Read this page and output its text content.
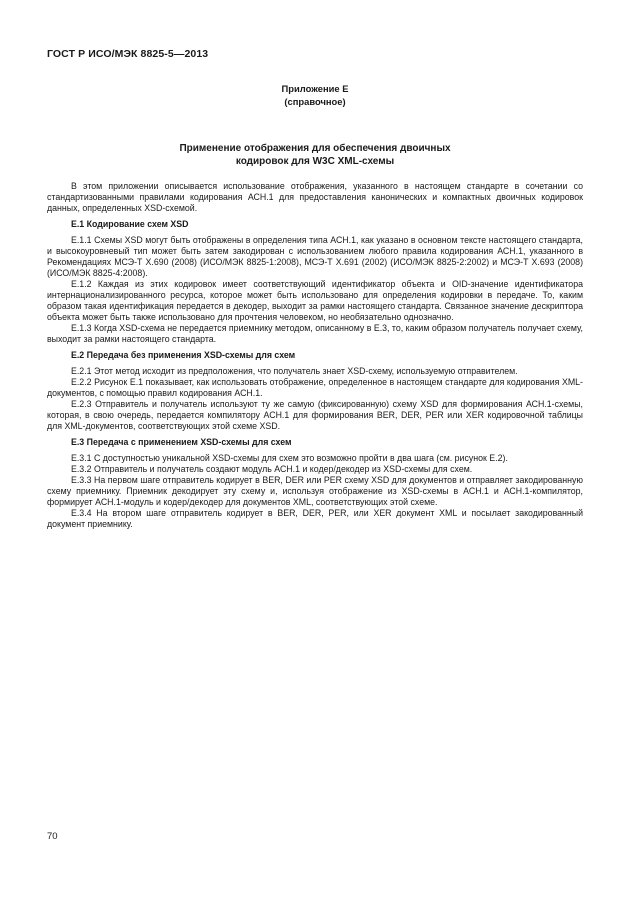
ГОСТ Р ИСО/МЭК 8825-5—2013
Приложение Е
(справочное)
Применение отображения для обеспечения двоичных
кодировок для W3C XML-схемы

В этом приложении описывается использование отображения, указанного в настоящем стандарте в сочетании со стандартизованными правилами кодирования АСН.1 для предоставления канонических и компактных двоичных кодировок данных, определенных XSD-схемой.

Е.1 Кодирование схем XSD

Е.1.1 Схемы XSD могут быть отображены в определения типа АСН.1, как указано в основном тексте настоящего стандарта, и высокоуровневый тип может быть затем закодирован с использованием любого правила кодирования АСН.1, указанного в Рекомендациях МСЭ-Т X.690 (2008) (ИСО/МЭК 8825-1:2008), МСЭ-Т X.691 (2002) (ИСО/МЭК 8825-2:2002) и МСЭ-Т X.693 (2008) (ИСО/МЭК 8825-4:2008).

Е.1.2 Каждая из этих кодировок имеет соответствующий идентификатор объекта и OID-значение идентификатора интернационализированного ресурса, которое может быть использовано для определения кодировки в передаче. То, каким образом такая идентификация передается в декодер, выходит за рамки настоящего стандарта. Связанное значение дескриптора объекта может быть также использовано для прочтения человеком, но необязательно однозначно.

Е.1.3 Когда XSD-схема не передается приемнику методом, описанному в Е.3, то, каким образом получатель получает схему, выходит за рамки настоящего стандарта.

Е.2 Передача без применения XSD-схемы для схем

Е.2.1 Этот метод исходит из предположения, что получатель знает XSD-схему, используемую отправителем.

Е.2.2 Рисунок Е.1 показывает, как использовать отображение, определенное в настоящем стандарте для кодирования XML-документов, с помощью правил кодирования АСН.1.

Е.2.3 Отправитель и получатель используют ту же самую (фиксированную) схему XSD для формирования АСН.1-схемы, которая, в свою очередь, передается компилятору АСН.1 для формирования BER, DER, PER или XER кодировочной таблицы для XML-документов, соответствующих этой схеме XSD.

Е.3 Передача с применением XSD-схемы для схем

Е.3.1 С доступностью уникальной XSD-схемы для схем это возможно пройти в два шага (см. рисунок Е.2).

Е.3.2 Отправитель и получатель создают модуль АСН.1 и кодер/декодер из XSD-схемы для схем.

Е.3.3 На первом шаге отправитель кодирует в BER, DER или PER схему XSD для документов и отправляет закодированную схему приемнику. Приемник декодирует эту схему и, используя отображение из XSD-схемы в АСН.1 и АСН.1-компилятор, формирует АСН.1-модуль и кодер/декодер для документов XML, соответствующих этой схеме.

Е.3.4 На втором шаге отправитель кодирует в BER, DER, PER, или XER документ XML и посылает закодированный документ приемнику.

70
